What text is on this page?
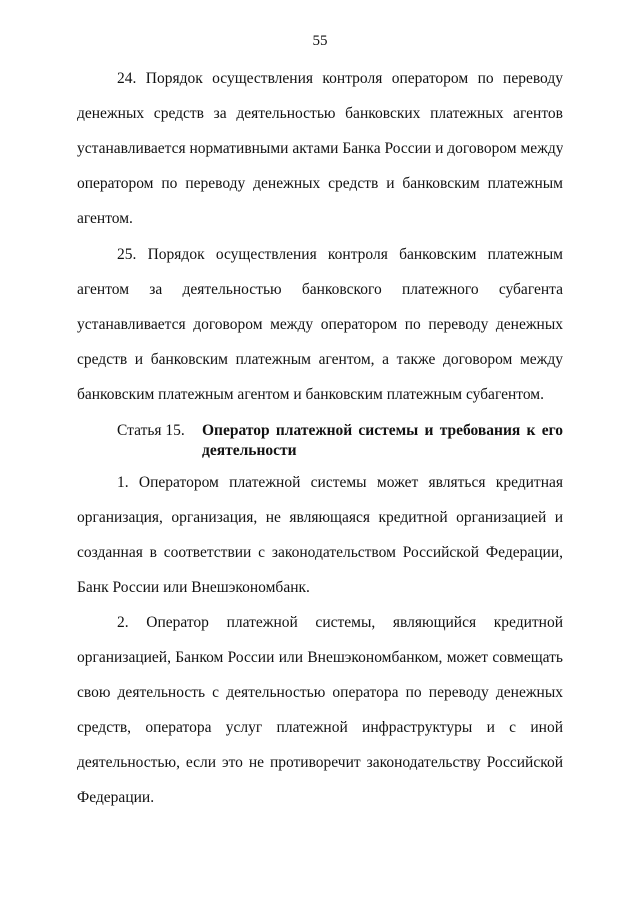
55
24. Порядок осуществления контроля оператором по переводу
денежных средств за деятельностью банковских платежных агентов
устанавливается нормативными актами Банка России и договором между
оператором по переводу денежных средств и банковским платежным
агентом.
25. Порядок осуществления контроля банковским платежным
агентом за деятельностью банковского платежного субагента
устанавливается договором между оператором по переводу денежных
средств и банковским платежным агентом, а также договором между
банковским платежным агентом и банковским платежным субагентом.
Статья 15. Оператор платежной системы и требования к его
деятельности
1. Оператором платежной системы может являться кредитная
организация, организация, не являющаяся кредитной организацией и
созданная в соответствии с законодательством Российской Федерации,
Банк России или Внешэкономбанк.
2. Оператор платежной системы, являющийся кредитной
организацией, Банком России или Внешэкономбанком, может совмещать
свою деятельность с деятельностью оператора по переводу денежных
средств, оператора услуг платежной инфраструктуры и с иной
деятельностью, если это не противоречит законодательству Российской
Федерации.
